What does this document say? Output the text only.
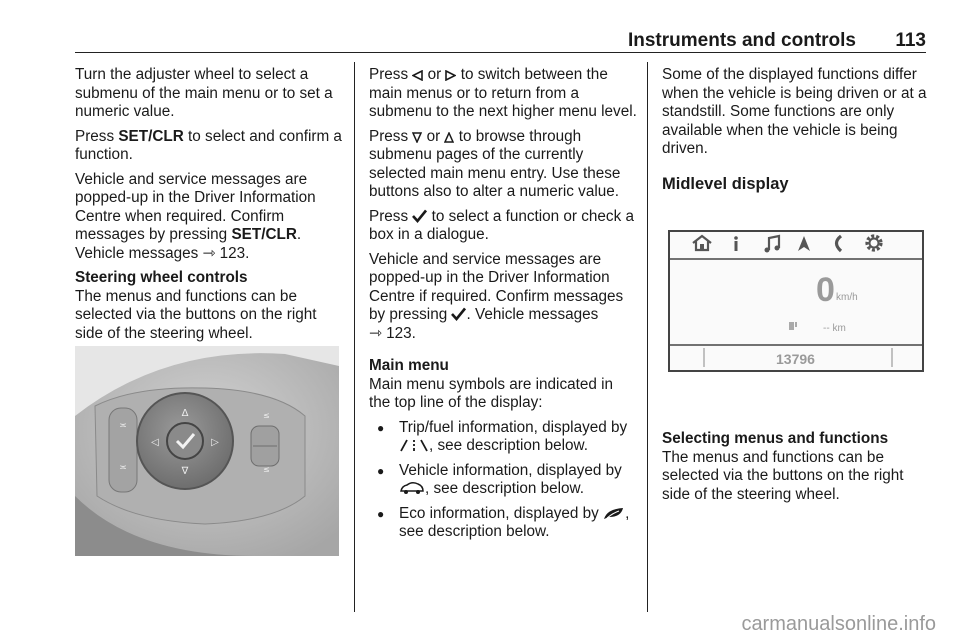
Instruments and controls 113

Turn the adjuster wheel to select a submenu of the main menu or to set a numeric value.

Press SET/CLR to select and confirm a function.

Vehicle and service messages are popped-up in the Driver Information Centre when required. Confirm messages by pressing SET/CLR.
Vehicle messages ⇾ 123.

Steering wheel controls

The menus and functions can be selected via the buttons on the right side of the steering wheel.

≍
≍
Δ
∇
◁	▷
≤
≤

Press  or  to switch between the main menus or to return from a submenu to the next higher menu level.

Press  or  to browse through submenu pages of the currently selected main menu entry. Use these buttons also to alter a numeric value.

Press  to select a function or check a box in a dialogue.

Vehicle and service messages are popped-up in the Driver Information Centre if required. Confirm messages by pressing . Vehicle messages
⇾ 123.

Main menu

Main menu symbols are indicated in the top line of the display:

● Trip/fuel information, displayed by , see description below.
● Vehicle information, displayed by , see description below.
● Eco information, displayed by , see description below.

Some of the displayed functions differ when the vehicle is being driven or at a standstill. Some functions are only available when the vehicle is being driven.

Midlevel display

0 km/h
-- km
13796

Selecting menus and functions

The menus and functions can be selected via the buttons on the right side of the steering wheel.

carmanualsonline.info
